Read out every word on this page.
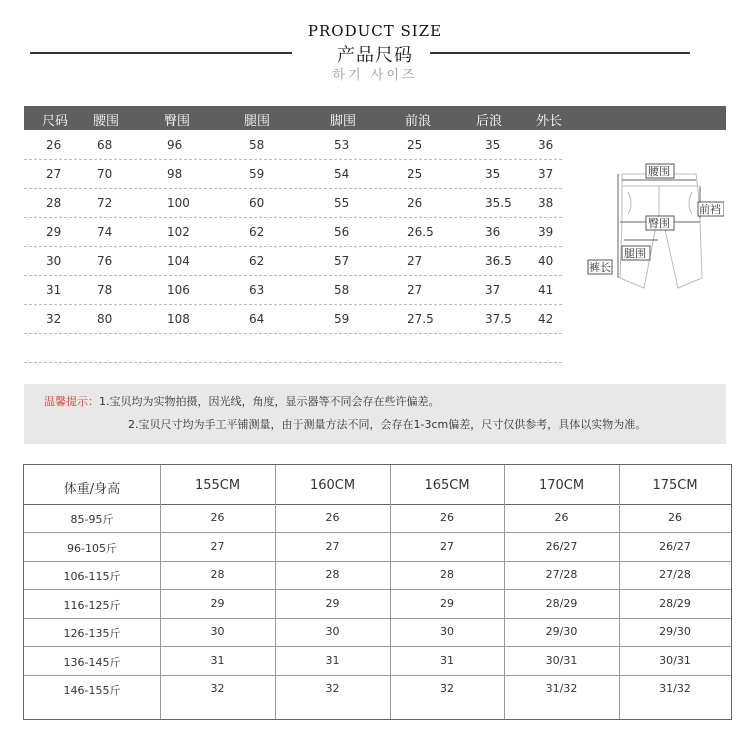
PRODUCT SIZE
产品尺码
하기 사이즈
尺码 腰围	臀围	腿围	脚围	前浪	后浪	外长
26	68	96	58	53	25	35	36
27	70	98	59	54	25	35	37
28	72	100	60	55	26	35.5 38
29	74	102	62	56	26.5	36	39
30	76	104	62	57	27	36.5 40
31	78	106	63	58	27	37	41
32	80	108	64	59	27.5	37.5 42
腰围
前裆
臀围
腿围
裤长
温馨提示：1.宝贝均为实物拍摄，因光线，角度，显示器等不同会存在些许偏差。
2.宝贝尺寸均为手工平铺测量，由于测量方法不同，会存在1-3cm偏差，尺寸仅供参考，具体以实物为准。
体重/身高	155CM	160CM	165CM	170CM	175CM
85-95斤	26	26	26	26	26
96-105斤	27	27	27	26/27	26/27
106-115斤	28	28	28	27/28	27/28
116-125斤	29	29	29	28/29	28/29
126-135斤	30	30	30	29/30	29/30
136-145斤	31	31	31	30/31	30/31
146-155斤	32	32	32	31/32	31/32
